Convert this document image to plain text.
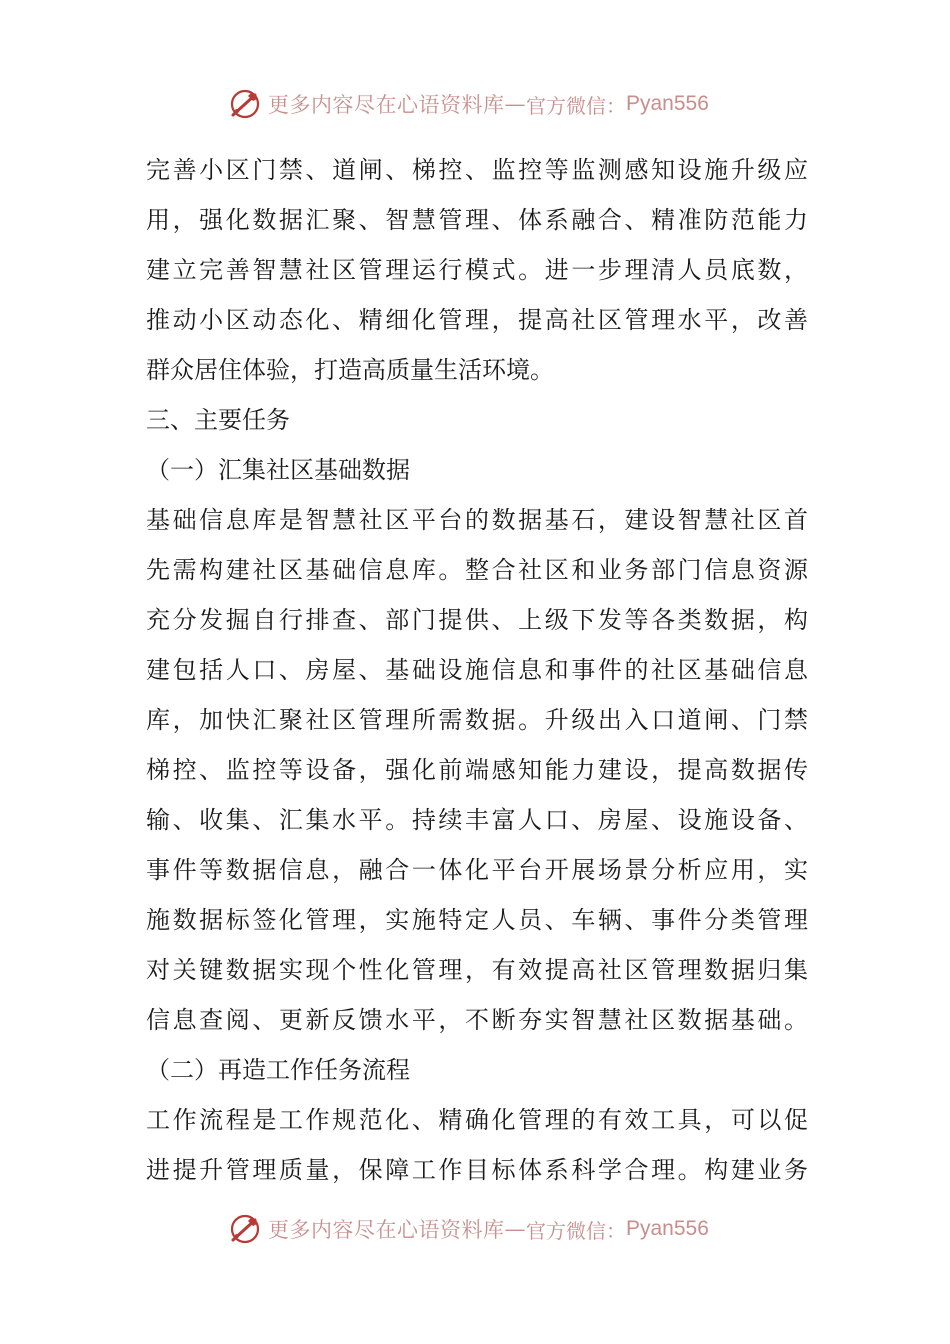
更多内容尽在心语资料库 — 官方微信： Pyan556
完善小区门禁、道闸、梯控、监控等监测感知设施升级应
用，强化数据汇聚、智慧管理、体系融合、精准防范能力
建立完善智慧社区管理运行模式。进一步理清人员底数，
推动小区动态化、精细化管理，提高社区管理水平，改善
群众居住体验，打造高质量生活环境。
三、主要任务
（一）汇集社区基础数据
基础信息库是智慧社区平台的数据基石，建设智慧社区首
先需构建社区基础信息库。整合社区和业务部门信息资源
充分发掘自行排查、部门提供、上级下发等各类数据，构
建包括人口、房屋、基础设施信息和事件的社区基础信息
库，加快汇聚社区管理所需数据。升级出入口道闸、门禁
梯控、监控等设备，强化前端感知能力建设，提高数据传
输、收集、汇集水平。持续丰富人口、房屋、设施设备、
事件等数据信息，融合一体化平台开展场景分析应用，实
施数据标签化管理，实施特定人员、车辆、事件分类管理
对关键数据实现个性化管理，有效提高社区管理数据归集
信息查阅、更新反馈水平，不断夯实智慧社区数据基础。
（二）再造工作任务流程
工作流程是工作规范化、精确化管理的有效工具，可以促
进提升管理质量，保障工作目标体系科学合理。构建业务
更多内容尽在心语资料库 — 官方微信： Pyan556
